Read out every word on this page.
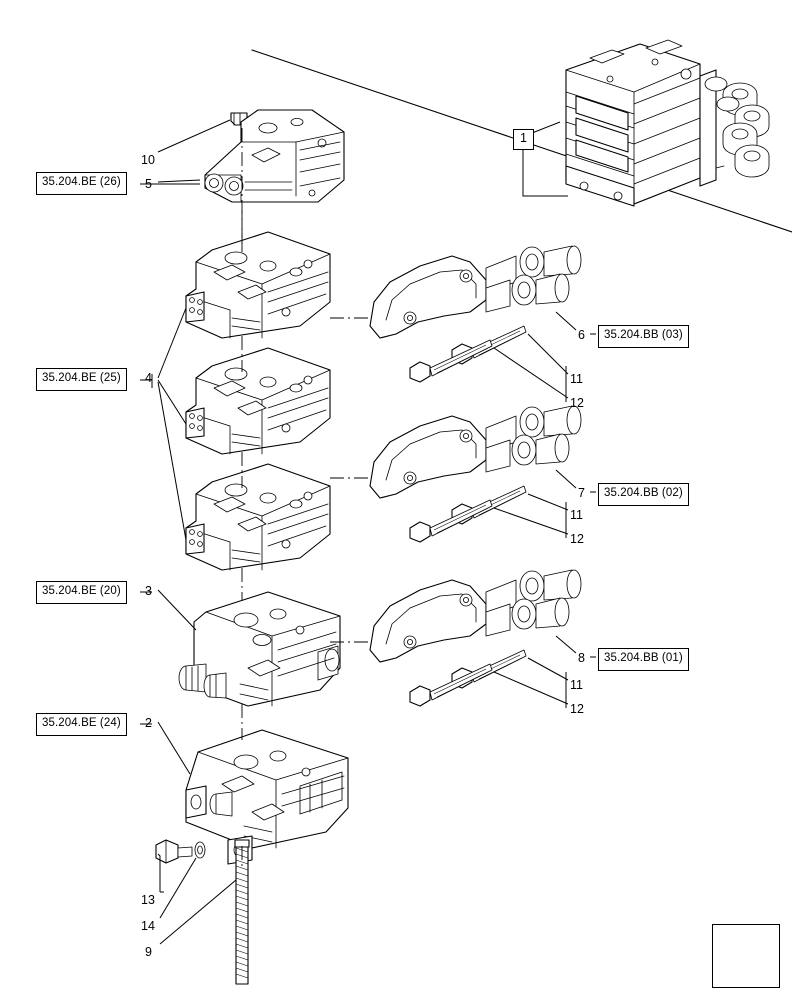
35.204.BE (26)
35.204.BE (25)
35.204.BE (20)
35.204.BE (24)
35.204.BB (03)
35.204.BB (02)
35.204.BB (01)
1
10
5
4
3
2
13
14
9
6
11
12
7
11
12
8
11
12
